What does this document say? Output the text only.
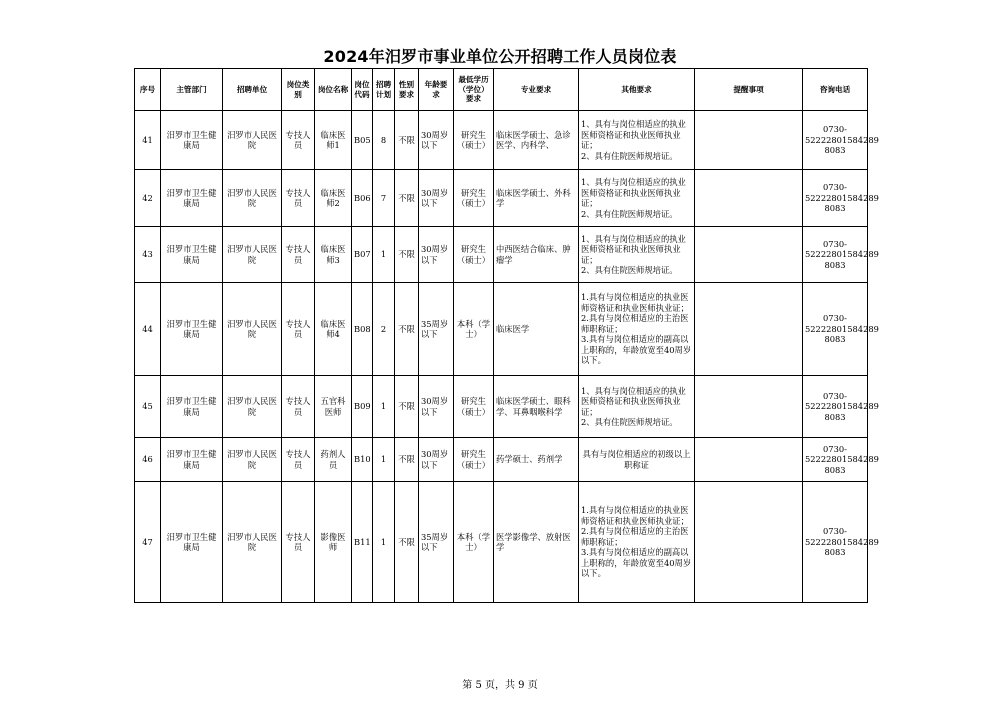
2024年汨罗市事业单位公开招聘工作人员岗位表
序号	主管部门	招聘单位	岗位类别	岗位名称	岗位代码	招聘计划	性别要求	年龄要求	最低学历（学位）要求	专业要求	其他要求	提醒事项	咨询电话
41	汨罗市卫生健康局	汨罗市人民医院	专技人员	临床医师1	B05	8	不限	30周岁以下	研究生（硕士）	临床医学硕士、急诊医学、内科学、	1、具有与岗位相适应的执业医师资格证和执业医师执业证；
2、具有住院医师规培证。		0730-
52222801584289
8083
42	汨罗市卫生健康局	汨罗市人民医院	专技人员	临床医师2	B06	7	不限	30周岁以下	研究生（硕士）	临床医学硕士、外科学	1、具有与岗位相适应的执业医师资格证和执业医师执业证；
2、具有住院医师规培证。		0730-
52222801584289
8083
43	汨罗市卫生健康局	汨罗市人民医院	专技人员	临床医师3	B07	1	不限	30周岁以下	研究生（硕士）	中西医结合临床、肿瘤学	1、具有与岗位相适应的执业医师资格证和执业医师执业证；
2、具有住院医师规培证。		0730-
52222801584289
8083
44	汨罗市卫生健康局	汨罗市人民医院	专技人员	临床医师4	B08	2	不限	35周岁以下	本科（学士）	临床医学	1.具有与岗位相适应的执业医师资格证和执业医师执业证；
2.具有与岗位相适应的主治医师职称证；
3.具有与岗位相适应的副高以上职称的，年龄放宽至40周岁以下。		0730-
52222801584289
8083
45	汨罗市卫生健康局	汨罗市人民医院	专技人员	五官科医师	B09	1	不限	30周岁以下	研究生（硕士）	临床医学硕士、眼科学、耳鼻咽喉科学	1、具有与岗位相适应的执业医师资格证和执业医师执业证；
2、具有住院医师规培证。		0730-
52222801584289
8083
46	汨罗市卫生健康局	汨罗市人民医院	专技人员	药剂人员	B10	1	不限	30周岁以下	研究生（硕士）	药学硕士、药剂学	具有与岗位相适应的初级以上职称证		0730-
52222801584289
8083
47	汨罗市卫生健康局	汨罗市人民医院	专技人员	影像医师	B11	1	不限	35周岁以下	本科（学士）	医学影像学、放射医学	1.具有与岗位相适应的执业医师资格证和执业医师执业证；
2.具有与岗位相适应的主治医师职称证；
3.具有与岗位相适应的副高以上职称的，年龄放宽至40周岁以下。		0730-
52222801584289
8083
第 5 页，共 9 页
